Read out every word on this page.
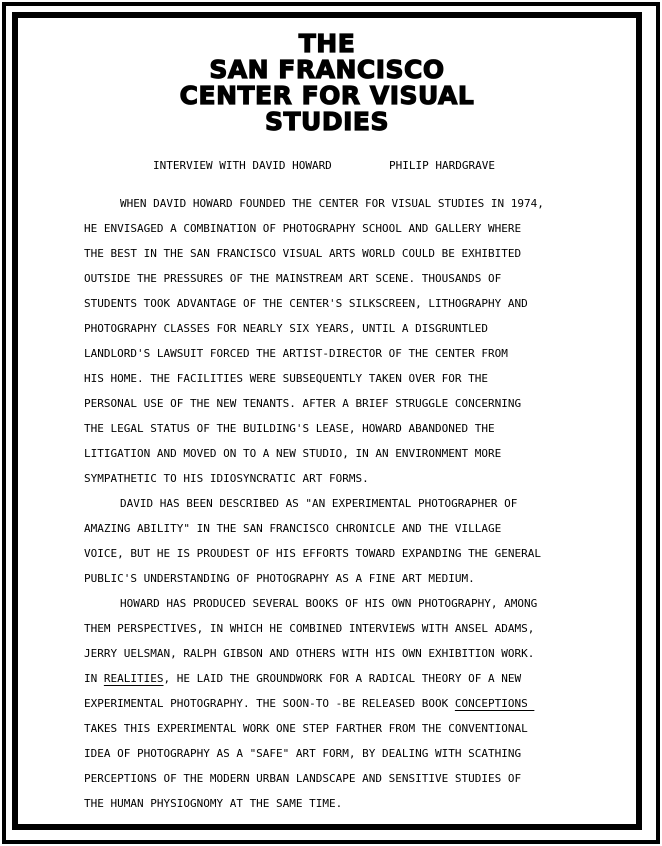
THE
SAN FRANCISCO
CENTER FOR VISUAL
STUDIES
INTERVIEW WITH DAVID HOWARD	PHILIP HARDGRAVE
WHEN DAVID HOWARD FOUNDED THE CENTER FOR VISUAL STUDIES IN 1974,
HE ENVISAGED A COMBINATION OF PHOTOGRAPHY SCHOOL AND GALLERY WHERE
THE BEST IN THE SAN FRANCISCO VISUAL ARTS WORLD COULD BE EXHIBITED
OUTSIDE THE PRESSURES OF THE MAINSTREAM ART SCENE. THOUSANDS OF
STUDENTS TOOK ADVANTAGE OF THE CENTER'S SILKSCREEN, LITHOGRAPHY AND
PHOTOGRAPHY CLASSES FOR NEARLY SIX YEARS, UNTIL A DISGRUNTLED
LANDLORD'S LAWSUIT FORCED THE ARTIST-DIRECTOR OF THE CENTER FROM
HIS HOME. THE FACILITIES WERE SUBSEQUENTLY TAKEN OVER FOR THE
PERSONAL USE OF THE NEW TENANTS. AFTER A BRIEF STRUGGLE CONCERNING
THE LEGAL STATUS OF THE BUILDING'S LEASE, HOWARD ABANDONED THE
LITIGATION AND MOVED ON TO A NEW STUDIO, IN AN ENVIRONMENT MORE
SYMPATHETIC TO HIS IDIOSYNCRATIC ART FORMS.
DAVID HAS BEEN DESCRIBED AS "AN EXPERIMENTAL PHOTOGRAPHER OF
AMAZING ABILITY" IN THE SAN FRANCISCO CHRONICLE AND THE VILLAGE
VOICE, BUT HE IS PROUDEST OF HIS EFFORTS TOWARD EXPANDING THE GENERAL
PUBLIC'S UNDERSTANDING OF PHOTOGRAPHY AS A FINE ART MEDIUM.
HOWARD HAS PRODUCED SEVERAL BOOKS OF HIS OWN PHOTOGRAPHY, AMONG
THEM PERSPECTIVES, IN WHICH HE COMBINED INTERVIEWS WITH ANSEL ADAMS,
JERRY UELSMAN, RALPH GIBSON AND OTHERS WITH HIS OWN EXHIBITION WORK.
IN REALITIES, HE LAID THE GROUNDWORK FOR A RADICAL THEORY OF A NEW
EXPERIMENTAL PHOTOGRAPHY. THE SOON-TO -BE RELEASED BOOK CONCEPTIONS
TAKES THIS EXPERIMENTAL WORK ONE STEP FARTHER FROM THE CONVENTIONAL
IDEA OF PHOTOGRAPHY AS A "SAFE" ART FORM, BY DEALING WITH SCATHING
PERCEPTIONS OF THE MODERN URBAN LANDSCAPE AND SENSITIVE STUDIES OF
THE HUMAN PHYSIOGNOMY AT THE SAME TIME.
